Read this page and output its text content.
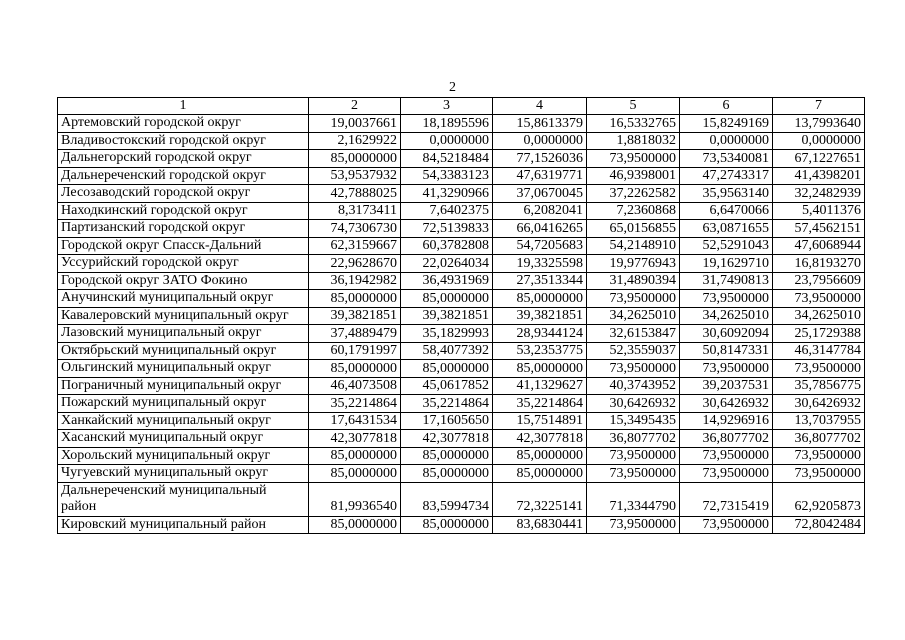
2
1	2	3	4	5	6	7
Артемовский городской округ	19,0037661	18,1895596	15,8613379	16,5332765	15,8249169	13,7993640
Владивостокский городской округ	2,1629922	0,0000000	0,0000000	1,8818032	0,0000000	0,0000000
Дальнегорский городской округ	85,0000000	84,5218484	77,1526036	73,9500000	73,5340081	67,1227651
Дальнереченский городской округ	53,9537932	54,3383123	47,6319771	46,9398001	47,2743317	41,4398201
Лесозаводский городской округ	42,7888025	41,3290966	37,0670045	37,2262582	35,9563140	32,2482939
Находкинский городской округ	8,3173411	7,6402375	6,2082041	7,2360868	6,6470066	5,4011376
Партизанский городской округ	74,7306730	72,5139833	66,0416265	65,0156855	63,0871655	57,4562151
Городской округ Спасск-Дальний	62,3159667	60,3782808	54,7205683	54,2148910	52,5291043	47,6068944
Уссурийский городской округ	22,9628670	22,0264034	19,3325598	19,9776943	19,1629710	16,8193270
Городской округ ЗАТО Фокино	36,1942982	36,4931969	27,3513344	31,4890394	31,7490813	23,7956609
Анучинский муниципальный округ	85,0000000	85,0000000	85,0000000	73,9500000	73,9500000	73,9500000
Кавалеровский муниципальный округ	39,3821851	39,3821851	39,3821851	34,2625010	34,2625010	34,2625010
Лазовский муниципальный округ	37,4889479	35,1829993	28,9344124	32,6153847	30,6092094	25,1729388
Октябрьский муниципальный округ	60,1791997	58,4077392	53,2353775	52,3559037	50,8147331	46,3147784
Ольгинский муниципальный округ	85,0000000	85,0000000	85,0000000	73,9500000	73,9500000	73,9500000
Пограничный муниципальный округ	46,4073508	45,0617852	41,1329627	40,3743952	39,2037531	35,7856775
Пожарский муниципальный округ	35,2214864	35,2214864	35,2214864	30,6426932	30,6426932	30,6426932
Ханкайский муниципальный округ	17,6431534	17,1605650	15,7514891	15,3495435	14,9296916	13,7037955
Хасанский муниципальный округ	42,3077818	42,3077818	42,3077818	36,8077702	36,8077702	36,8077702
Хорольский муниципальный округ	85,0000000	85,0000000	85,0000000	73,9500000	73,9500000	73,9500000
Чугуевский муниципальный округ	85,0000000	85,0000000	85,0000000	73,9500000	73,9500000	73,9500000
Дальнереченский муниципальный район	81,9936540	83,5994734	72,3225141	71,3344790	72,7315419	62,9205873
Кировский муниципальный район	85,0000000	85,0000000	83,6830441	73,9500000	73,9500000	72,8042484
